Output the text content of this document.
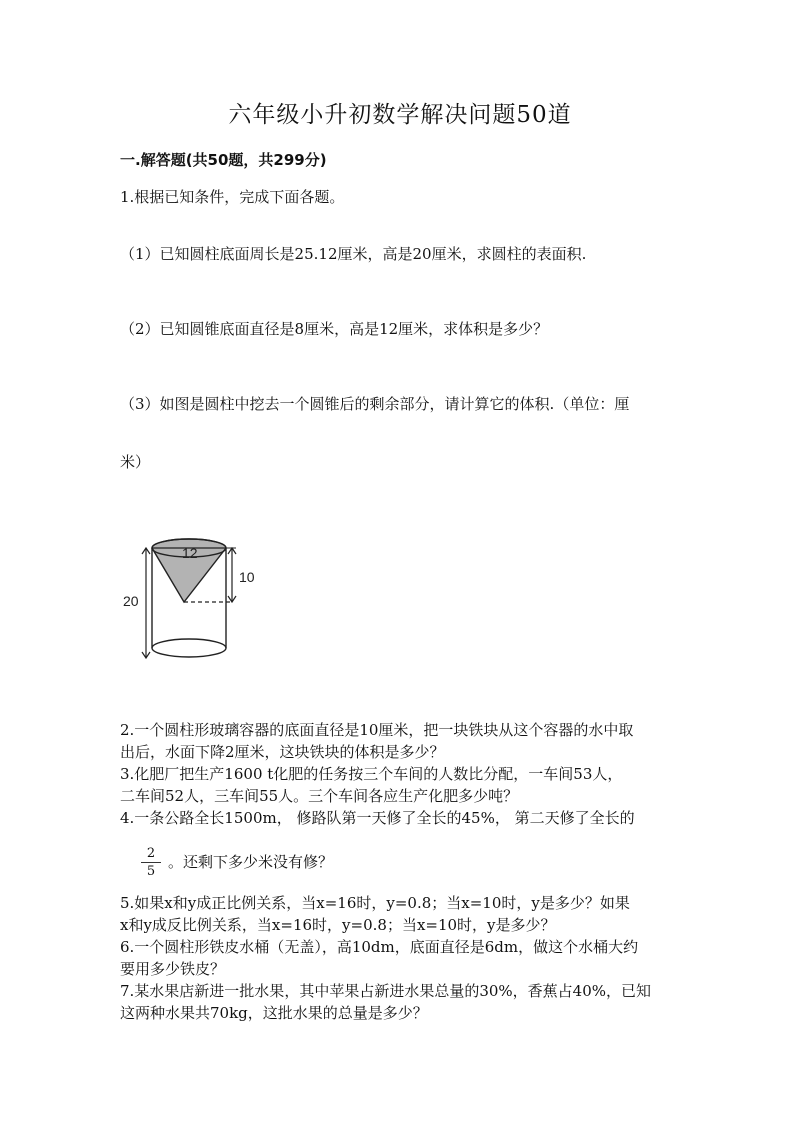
六年级小升初数学解决问题50道
一.解答题(共50题，共299分)
1.根据已知条件，完成下面各题。
（1）已知圆柱底面周长是25.12厘米，高是20厘米，求圆柱的表面积.
（2）已知圆锥底面直径是8厘米，高是12厘米，求体积是多少？
（3）如图是圆柱中挖去一个圆锥后的剩余部分，请计算它的体积.（单位：厘
米）
12
10
20
2.一个圆柱形玻璃容器的底面直径是10厘米，把一块铁块从这个容器的水中取
出后，水面下降2厘米，这块铁块的体积是多少？
3.化肥厂把生产1600 t化肥的任务按三个车间的人数比分配，一车间53人，
二车间52人，三车间55人。三个车间各应生产化肥多少吨？
4.一条公路全长1500m， 修路队第一天修了全长的45%， 第二天修了全长的
$\frac{2}{5}$ 。还剩下多少米没有修？
5.如果x和y成正比例关系，当x=16时，y=0.8；当x=10时，y是多少？如果
x和y成反比例关系，当x=16时，y=0.8；当x=10时，y是多少？
6.一个圆柱形铁皮水桶（无盖），高10dm，底面直径是6dm，做这个水桶大约
要用多少铁皮？
7.某水果店新进一批水果，其中苹果占新进水果总量的30%，香蕉占40%，已知
这两种水果共70kg，这批水果的总量是多少？
